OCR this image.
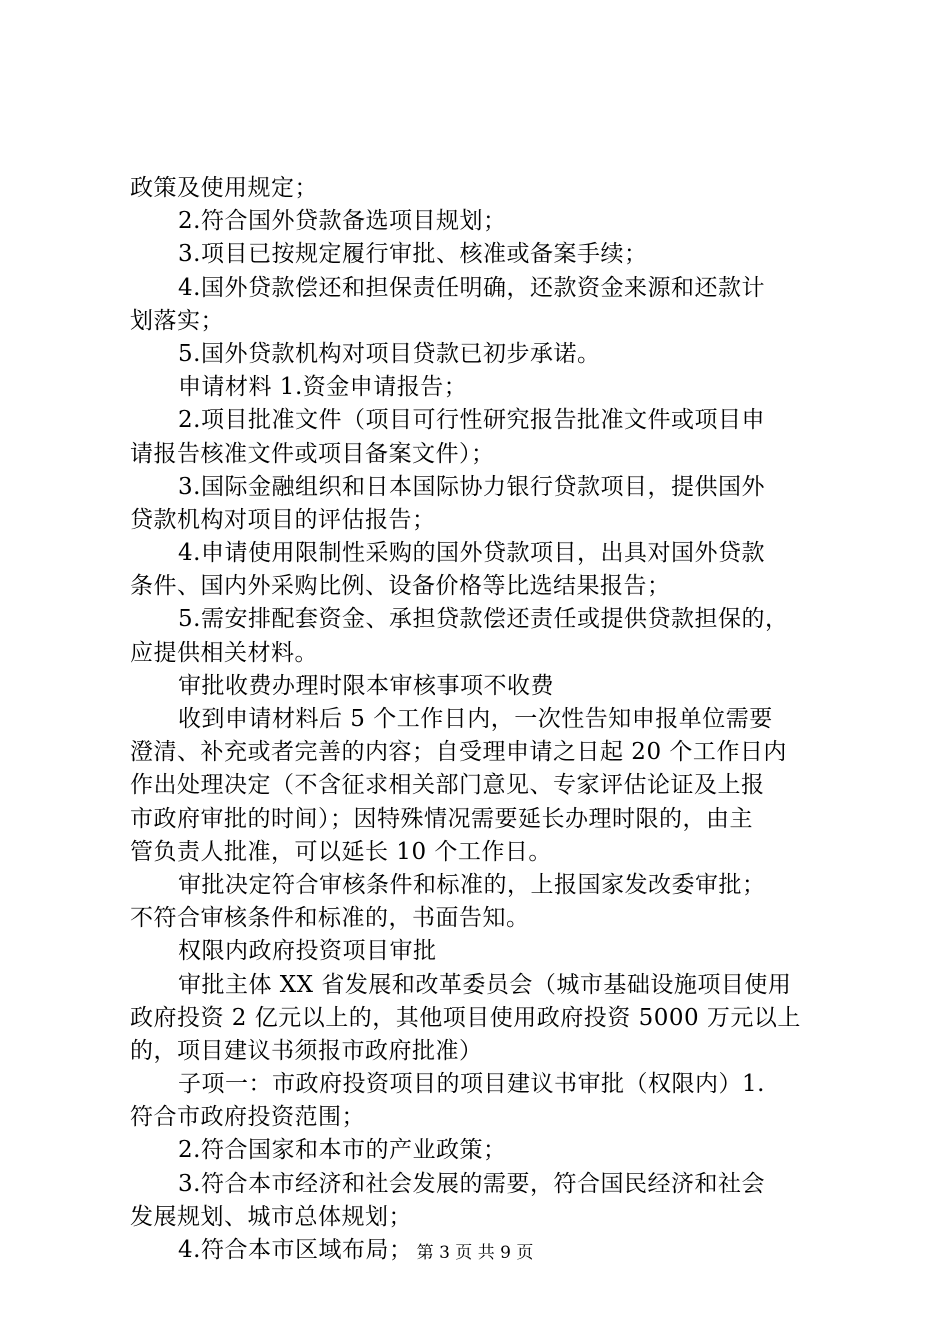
政策及使用规定；
2.符合国外贷款备选项目规划；
3.项目已按规定履行审批、核准或备案手续；
4.国外贷款偿还和担保责任明确，还款资金来源和还款计
划落实；
5.国外贷款机构对项目贷款已初步承诺。
申请材料 1.资金申请报告；
2.项目批准文件（项目可行性研究报告批准文件或项目申
请报告核准文件或项目备案文件）；
3.国际金融组织和日本国际协力银行贷款项目，提供国外
贷款机构对项目的评估报告；
4.申请使用限制性采购的国外贷款项目，出具对国外贷款
条件、国内外采购比例、设备价格等比选结果报告；
5.需安排配套资金、承担贷款偿还责任或提供贷款担保的，
应提供相关材料。
审批收费办理时限本审核事项不收费
收到申请材料后 5 个工作日内，一次性告知申报单位需要
澄清、补充或者完善的内容；自受理申请之日起 20 个工作日内
作出处理决定（不含征求相关部门意见、专家评估论证及上报
市政府审批的时间）；因特殊情况需要延长办理时限的，由主
管负责人批准，可以延长 10 个工作日。
审批决定符合审核条件和标准的，上报国家发改委审批；
不符合审核条件和标准的，书面告知。
权限内政府投资项目审批
审批主体 XX 省发展和改革委员会（城市基础设施项目使用
政府投资 2 亿元以上的，其他项目使用政府投资 5000 万元以上
的，项目建议书须报市政府批准）
子项一：市政府投资项目的项目建议书审批（权限内）1.
符合市政府投资范围；
2.符合国家和本市的产业政策；
3.符合本市经济和社会发展的需要，符合国民经济和社会
发展规划、城市总体规划；
4.符合本市区域布局； 第 3 页 共 9 页
